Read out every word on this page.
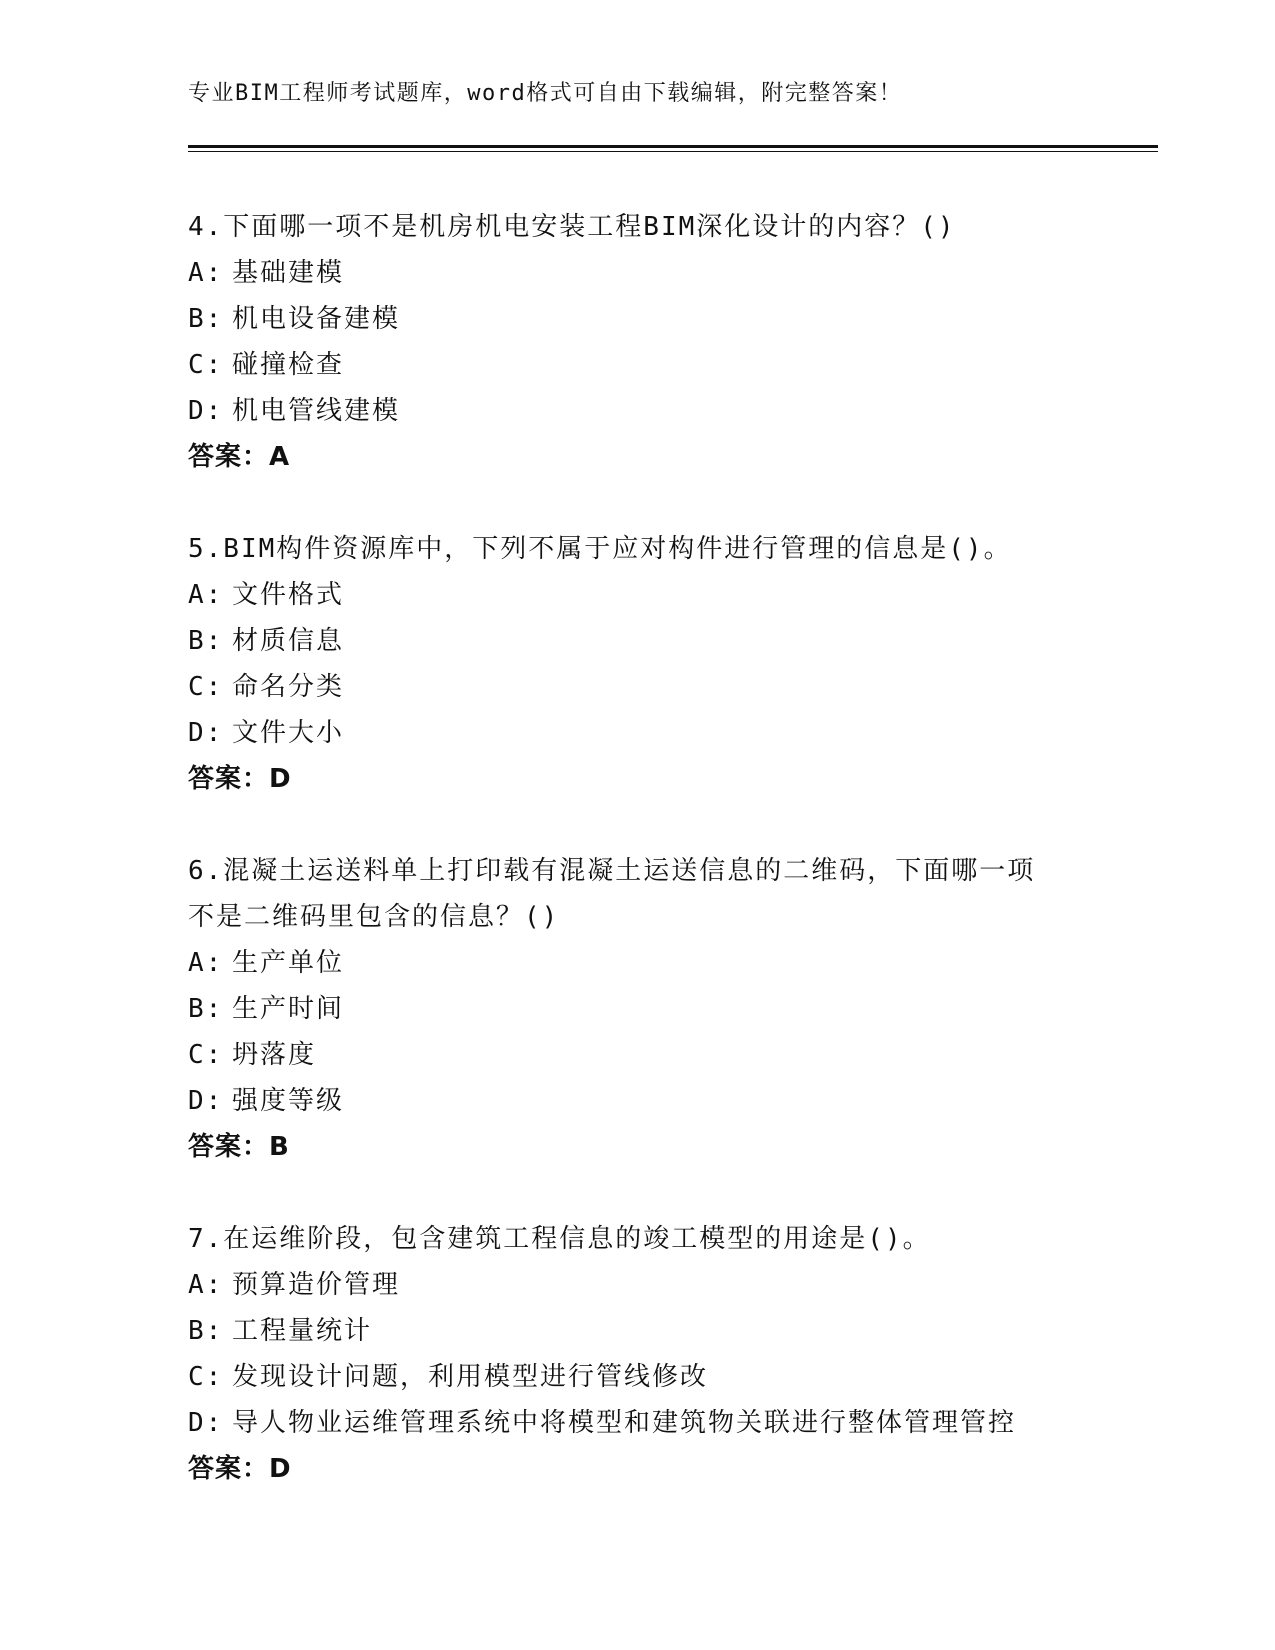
专业BIM工程师考试题库，word格式可自由下载编辑，附完整答案！
4.下面哪一项不是机房机电安装工程BIM深化设计的内容？()
A: 基础建模
B: 机电设备建模
C: 碰撞检查
D: 机电管线建模
答案：A
5.BIM构件资源库中，下列不属于应对构件进行管理的信息是()。
A: 文件格式
B: 材质信息
C: 命名分类
D: 文件大小
答案：D
6.混凝土运送料单上打印载有混凝土运送信息的二维码，下面哪一项
不是二维码里包含的信息？()
A: 生产单位
B: 生产时间
C: 坍落度
D: 强度等级
答案：B
7.在运维阶段，包含建筑工程信息的竣工模型的用途是()。
A: 预算造价管理
B: 工程量统计
C: 发现设计问题，利用模型进行管线修改
D: 导人物业运维管理系统中将模型和建筑物关联进行整体管理管控
答案：D
